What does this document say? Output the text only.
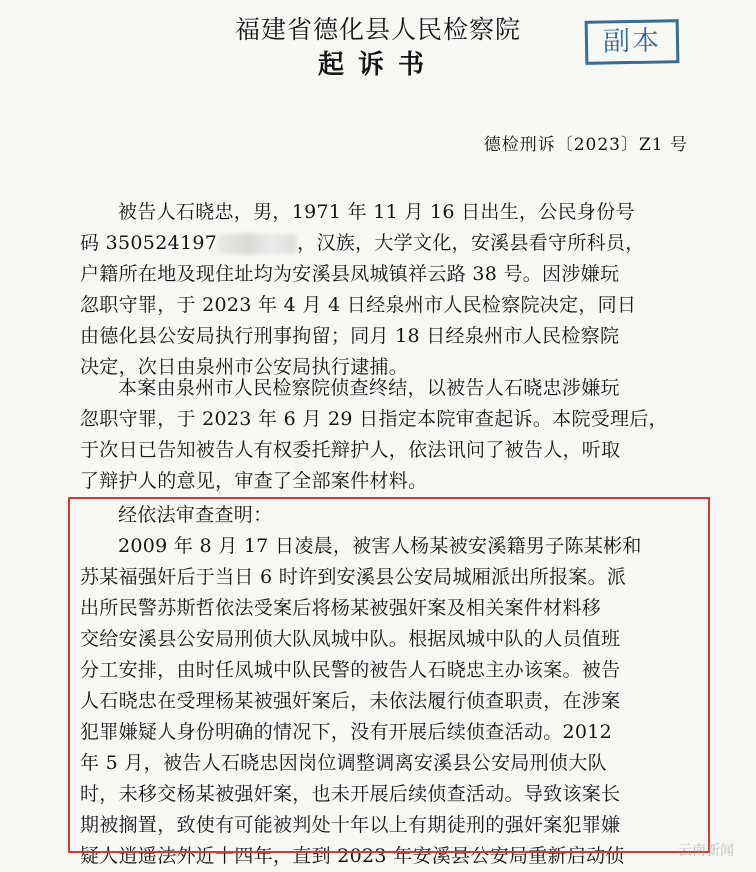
福建省德化县人民检察院
起诉书
副本
德检刑诉〔2023〕Z1 号
被告人石晓忠，男，1971 年 11 月 16 日出生，公民身份号
码 350524197	，汉族，大学文化，安溪县看守所科员，
户籍所在地及现住址均为安溪县凤城镇祥云路 38 号。因涉嫌玩
忽职守罪，于 2023 年 4 月 4 日经泉州市人民检察院决定，同日
由德化县公安局执行刑事拘留；同月 18 日经泉州市人民检察院
决定，次日由泉州市公安局执行逮捕。
本案由泉州市人民检察院侦查终结，以被告人石晓忠涉嫌玩
忽职守罪，于 2023 年 6 月 29 日指定本院审查起诉。本院受理后，
于次日已告知被告人有权委托辩护人，依法讯问了被告人，听取
了辩护人的意见，审查了全部案件材料。
经依法审查查明：
2009 年 8 月 17 日凌晨，被害人杨某被安溪籍男子陈某彬和
苏某福强奸后于当日 6 时许到安溪县公安局城厢派出所报案。派
出所民警苏斯哲依法受案后将杨某被强奸案及相关案件材料移
交给安溪县公安局刑侦大队凤城中队。根据凤城中队的人员值班
分工安排，由时任凤城中队民警的被告人石晓忠主办该案。被告
人石晓忠在受理杨某被强奸案后，未依法履行侦查职责，在涉案
犯罪嫌疑人身份明确的情况下，没有开展后续侦查活动。2012
年 5 月，被告人石晓忠因岗位调整调离安溪县公安局刑侦大队
时，未移交杨某被强奸案，也未开展后续侦查活动。导致该案长
期被搁置，致使有可能被判处十年以上有期徒刑的强奸案犯罪嫌
疑人逍遥法外近十四年，直到 2023 年安溪县公安局重新启动侦	云南新闻
